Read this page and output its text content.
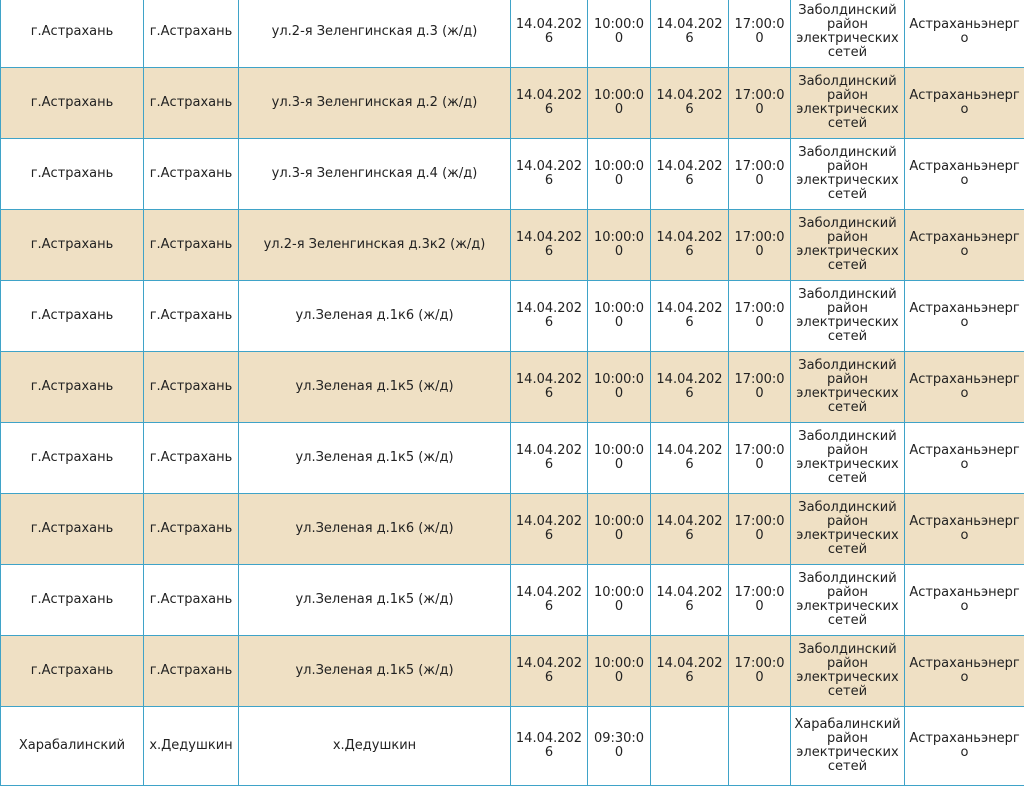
г.Астрахань	г.Астрахань	ул.2-я Зеленгинская д.3 (ж/д)	14.04.2026	10:00:00	14.04.2026	17:00:00	Заболдинский район электрических сетей	Астраханьэнерго
г.Астрахань	г.Астрахань	ул.3-я Зеленгинская д.2 (ж/д)	14.04.2026	10:00:00	14.04.2026	17:00:00	Заболдинский район электрических сетей	Астраханьэнерго
г.Астрахань	г.Астрахань	ул.3-я Зеленгинская д.4 (ж/д)	14.04.2026	10:00:00	14.04.2026	17:00:00	Заболдинский район электрических сетей	Астраханьэнерго
г.Астрахань	г.Астрахань	ул.2-я Зеленгинская д.3к2 (ж/д)	14.04.2026	10:00:00	14.04.2026	17:00:00	Заболдинский район электрических сетей	Астраханьэнерго
г.Астрахань	г.Астрахань	ул.Зеленая д.1к6 (ж/д)	14.04.2026	10:00:00	14.04.2026	17:00:00	Заболдинский район электрических сетей	Астраханьэнерго
г.Астрахань	г.Астрахань	ул.Зеленая д.1к5 (ж/д)	14.04.2026	10:00:00	14.04.2026	17:00:00	Заболдинский район электрических сетей	Астраханьэнерго
г.Астрахань	г.Астрахань	ул.Зеленая д.1к5 (ж/д)	14.04.2026	10:00:00	14.04.2026	17:00:00	Заболдинский район электрических сетей	Астраханьэнерго
г.Астрахань	г.Астрахань	ул.Зеленая д.1к6 (ж/д)	14.04.2026	10:00:00	14.04.2026	17:00:00	Заболдинский район электрических сетей	Астраханьэнерго
г.Астрахань	г.Астрахань	ул.Зеленая д.1к5 (ж/д)	14.04.2026	10:00:00	14.04.2026	17:00:00	Заболдинский район электрических сетей	Астраханьэнерго
г.Астрахань	г.Астрахань	ул.Зеленая д.1к5 (ж/д)	14.04.2026	10:00:00	14.04.2026	17:00:00	Заболдинский район электрических сетей	Астраханьэнерго
Харабалинский	х.Дедушкин	х.Дедушкин	14.04.2026	09:30:00			Харабалинский район электрических сетей	Астраханьэнерго
